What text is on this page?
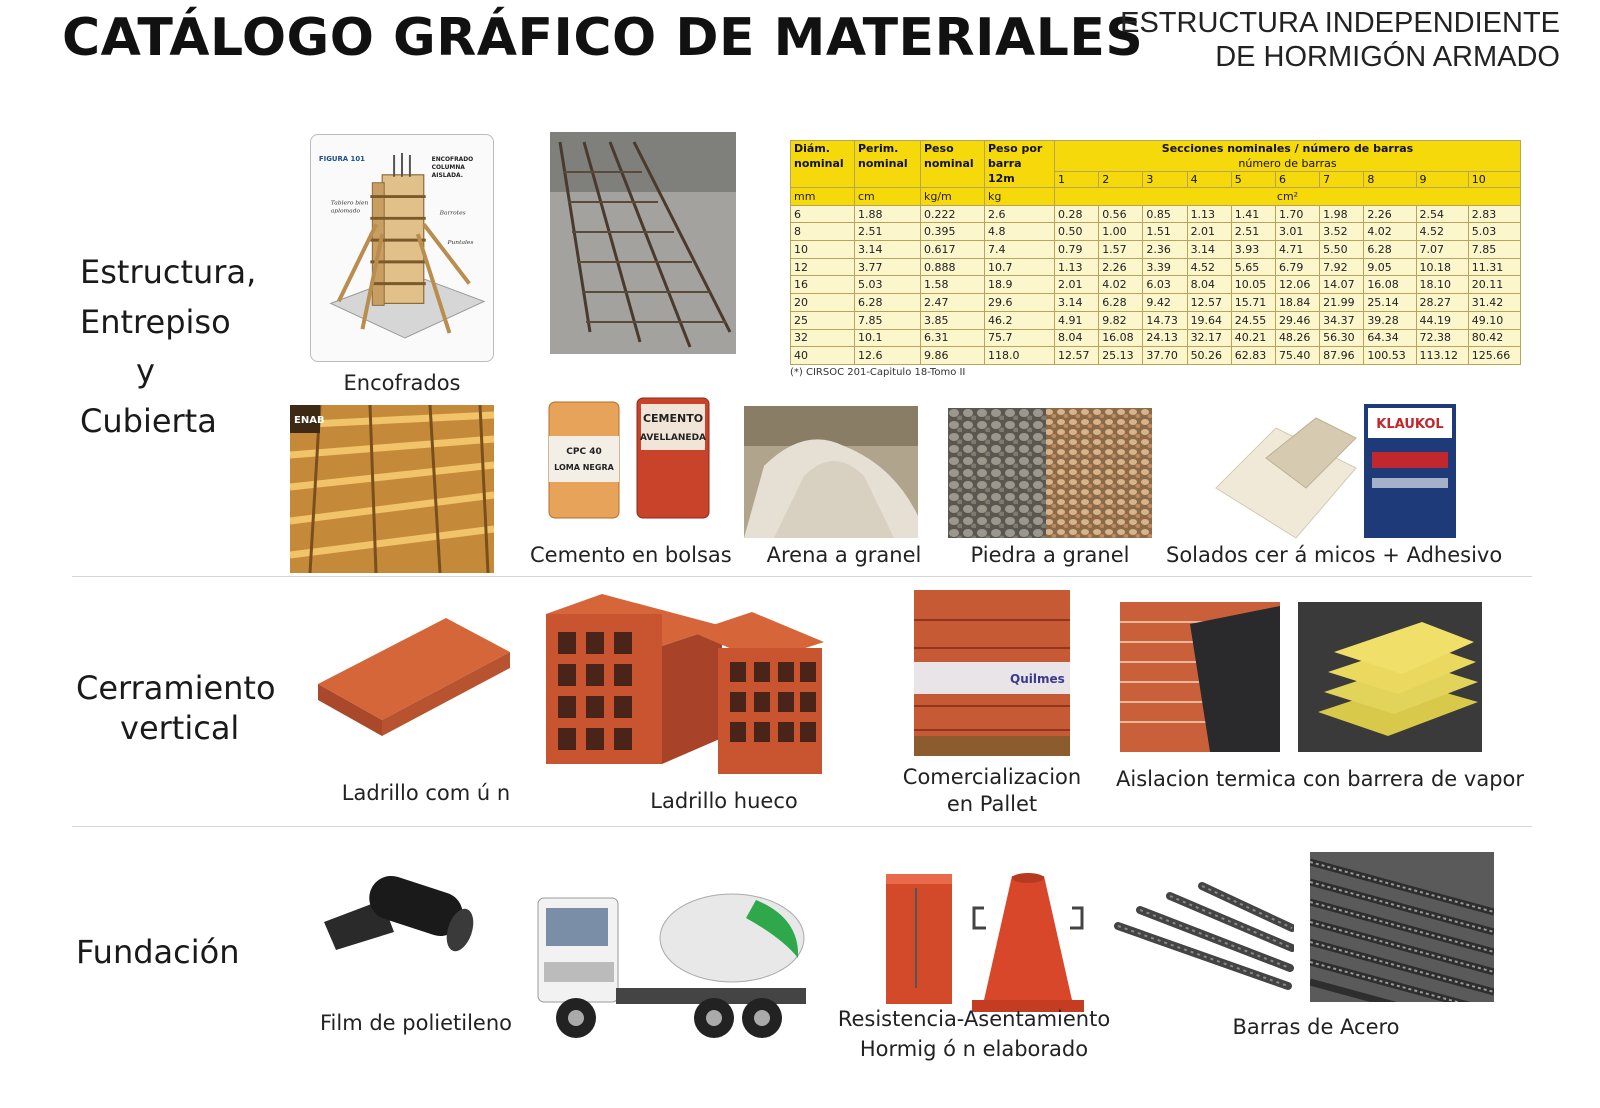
CATÁLOGO GRÁFICO DE MATERIALES
ESTRUCTURA INDEPENDIENTE
DE HORMIGÓN ARMADO
Estructura,
Entrepiso
y
Cubierta
Cerramiento
vertical
Fundación
FIGURA 101	ENCOFRADO
COLUMNA
AISLADA.
Tablero bien
aplomado	Barrotes
Puntales
Encofrados
Diám. nominal	Perim. nominal	Peso nominal	Peso por barra 12m	Secciones nominales / número de barras
número de barras									

				1	2	3	4	5	6	7	8	9	10
mm	cm	kg/m	kg	cm²									
6	1.88	0.222	2.6	0.28	0.56	0.85	1.13	1.41	1.70	1.98	2.26	2.54	2.83
8	2.51	0.395	4.8	0.50	1.00	1.51	2.01	2.51	3.01	3.52	4.02	4.52	5.03
10	3.14	0.617	7.4	0.79	1.57	2.36	3.14	3.93	4.71	5.50	6.28	7.07	7.85
12	3.77	0.888	10.7	1.13	2.26	3.39	4.52	5.65	6.79	7.92	9.05	10.18	11.31
16	5.03	1.58	18.9	2.01	4.02	6.03	8.04	10.05	12.06	14.07	16.08	18.10	20.11
20	6.28	2.47	29.6	3.14	6.28	9.42	12.57	15.71	18.84	21.99	25.14	28.27	31.42
25	7.85	3.85	46.2	4.91	9.82	14.73	19.64	24.55	29.46	34.37	39.28	44.19	49.10
32	10.1	6.31	75.7	8.04	16.08	24.13	32.17	40.21	48.26	56.30	64.34	72.38	80.42
40	12.6	9.86	118.0	12.57	25.13	37.70	50.26	62.83	75.40	87.96	100.53	113.12	125.66
(*) CIRSOC 201-Capitulo 18-Tomo II
ENAB
CPC 40
LOMA NEGRA
CEMENTO
AVELLANEDA
Cemento en bolsas	Arena a granel	Piedra a granel
KLAUKOL
Solados cer á micos + Adhesivo
Ladrillo com ú n	Ladrillo hueco
Quilmes
Comercializacion
en Pallet
Aislacion termica con barrera de vapor
Film de polietileno	Resistencia-Asentamiento
Hormig ó n elaborado
Barras de Acero
